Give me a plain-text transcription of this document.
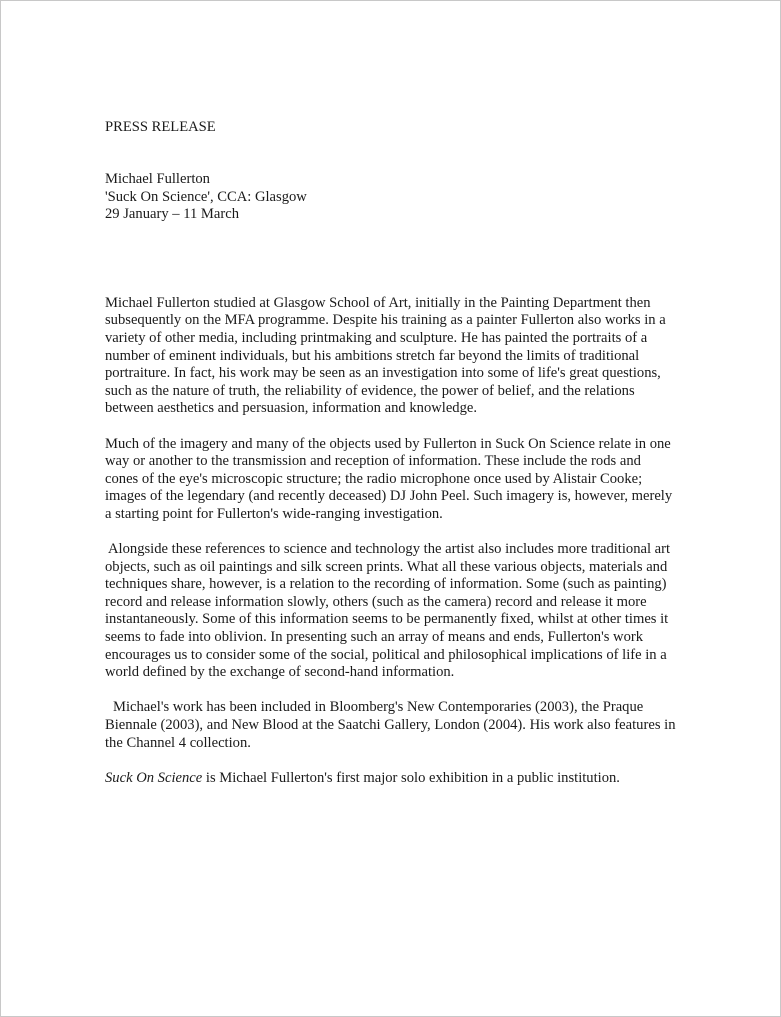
PRESS RELEASE

Michael Fullerton
'Suck On Science', CCA: Glasgow
29 January – 11 March

Michael Fullerton studied at Glasgow School of Art, initially in the Painting Department then subsequently on the MFA programme. Despite his training as a painter Fullerton also works in a variety of other media, including printmaking and sculpture. He has painted the portraits of a number of eminent individuals, but his ambitions stretch far beyond the limits of traditional portraiture. In fact, his work may be seen as an investigation into some of life's great questions, such as the nature of truth, the reliability of evidence, the power of belief, and the relations between aesthetics and persuasion, information and knowledge.

Much of the imagery and many of the objects used by Fullerton in Suck On Science relate in one way or another to the transmission and reception of information. These include the rods and cones of the eye's microscopic structure; the radio microphone once used by Alistair Cooke; images of the legendary (and recently deceased) DJ John Peel. Such imagery is, however, merely a starting point for Fullerton's wide-ranging investigation.

Alongside these references to science and technology the artist also includes more traditional art objects, such as oil paintings and silk screen prints. What all these various objects, materials and techniques share, however, is a relation to the recording of information. Some (such as painting) record and release information slowly, others (such as the camera) record and release it more instantaneously. Some of this information seems to be permanently fixed, whilst at other times it seems to fade into oblivion. In presenting such an array of means and ends, Fullerton's work encourages us to consider some of the social, political and philosophical implications of life in a world defined by the exchange of second-hand information.

Michael's work has been included in Bloomberg's New Contemporaries (2003), the Praque Biennale (2003), and New Blood at the Saatchi Gallery, London (2004). His work also features in the Channel 4 collection.

Suck On Science is Michael Fullerton's first major solo exhibition in a public institution.
